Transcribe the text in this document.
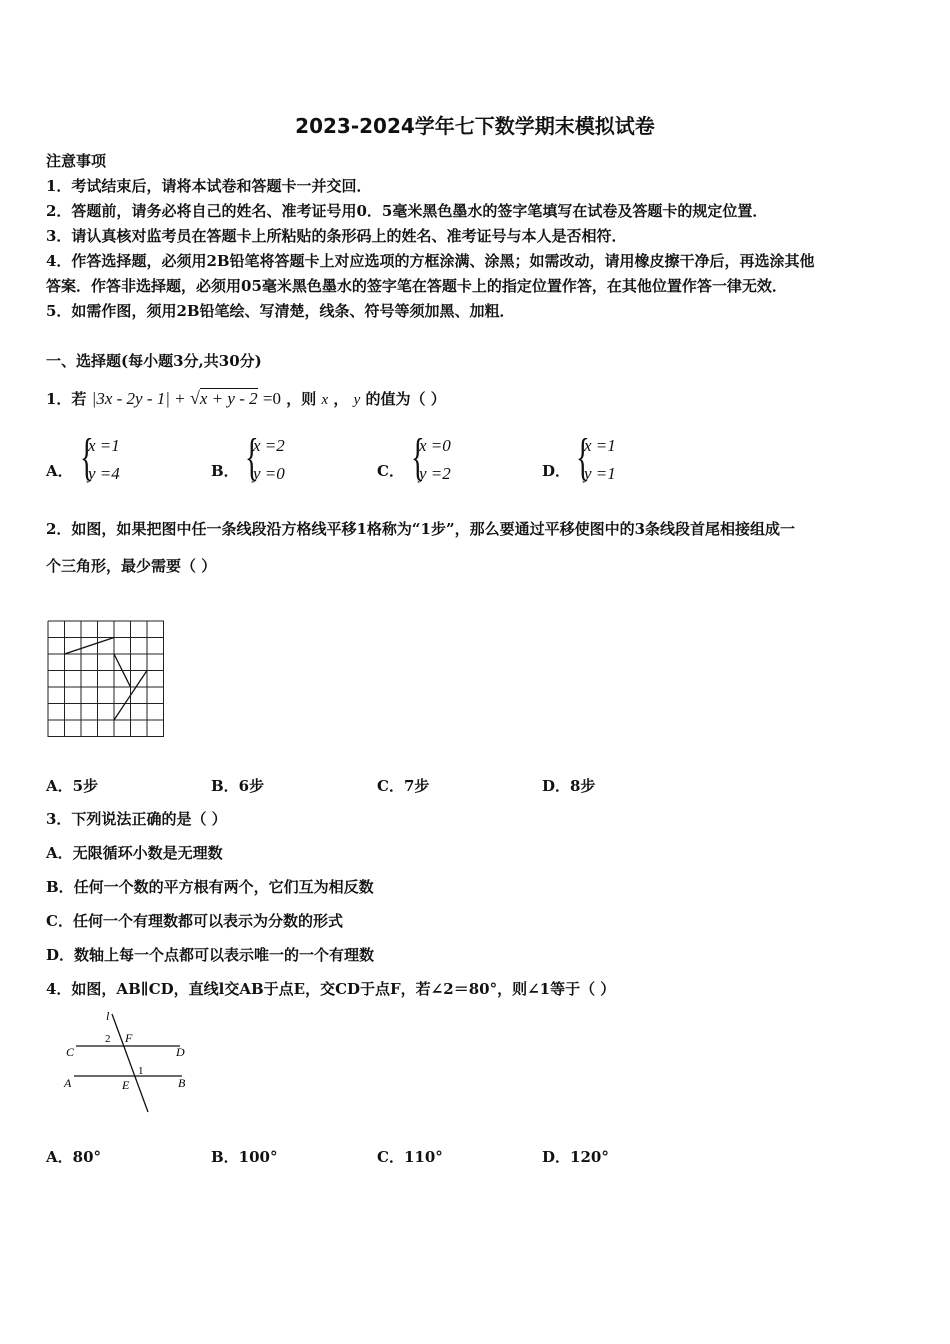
2023-2024学年七下数学期末模拟试卷
注意事项
1．考试结束后，请将本试卷和答题卡一并交回．
2．答题前，请务必将自己的姓名、准考证号用0．5毫米黑色墨水的签字笔填写在试卷及答题卡的规定位置．
3．请认真核对监考员在答题卡上所粘贴的条形码上的姓名、准考证号与本人是否相符．
4．作答选择题，必须用2B铅笔将答题卡上对应选项的方框涂满、涂黑；如需改动，请用橡皮擦干净后，再选涂其他
答案．作答非选择题，必须用05毫米黑色墨水的签字笔在答题卡上的指定位置作答，在其他位置作答一律无效．
5．如需作图，须用2B铅笔绘、写清楚，线条、符号等须加黑、加粗．
一、选择题(每小题3分,共30分)
1．若 |3x - 2y - 1| + √x + y - 2 =0 ，则 x ， y 的值为（ ）
A． {
x =1
y =4	B． {
x =2
y =0	C． {
x =0
y =2	D． {
x =1
y =1
2．如图，如果把图中任一条线段沿方格线平移1格称为“1步”，那么要通过平移使图中的3条线段首尾相接组成一
个三角形，最少需要（ ）
A．5步	B．6步	C．7步	D．8步
3．下列说法正确的是（ ）
A．无限循环小数是无理数
B．任何一个数的平方根有两个，它们互为相反数
C．任何一个有理数都可以表示为分数的形式
D．数轴上每一个点都可以表示唯一的一个有理数
4．如图，AB∥CD，直线l交AB于点E，交CD于点F，若∠2＝80°，则∠1等于（ ）
l
2 F
C	D
A	E
1
B
A．80°	B．100°	C．110°	D．120°
